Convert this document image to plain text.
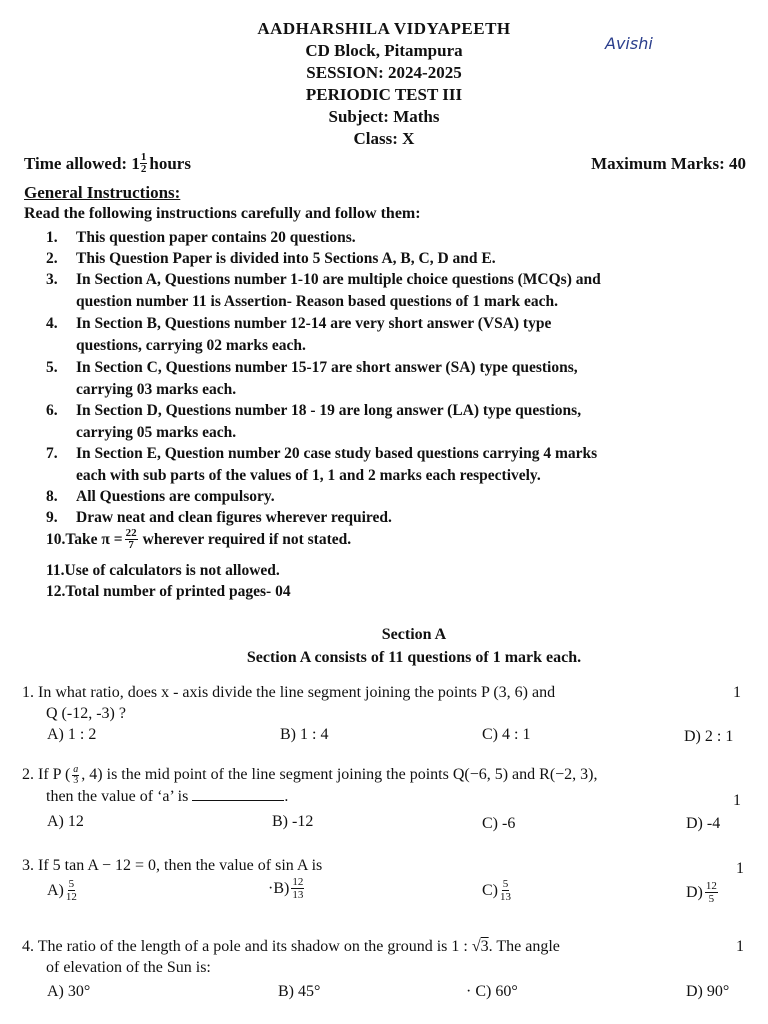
AADHARSHILA VIDYAPEETH
CD Block, Pitampura
SESSION: 2024-2025
PERIODIC TEST III
Subject: Maths
Class: X
Avishi
Time allowed: $1 \frac{1}{2}$ hours	Maximum Marks: 40
General Instructions:
Read the following instructions carefully and follow them:
1. This question paper contains 20 questions.
2. This Question Paper is divided into 5 Sections A, B, C, D and E.
3. In Section A, Questions number 1-10 are multiple choice questions (MCQs) and
question number 11 is Assertion- Reason based questions of 1 mark each.
4. In Section B, Questions number 12-14 are very short answer (VSA) type
questions, carrying 02 marks each.
5. In Section C, Questions number 15-17 are short answer (SA) type questions,
carrying 03 marks each.
6. In Section D, Questions number 18 - 19 are long answer (LA) type questions,
carrying 05 marks each.
7. In Section E, Question number 20 case study based questions carrying 4 marks
each with sub parts of the values of 1, 1 and 2 marks each respectively.
8. All Questions are compulsory.
9. Draw neat and clean figures wherever required.
10. Take $\pi = \frac{22}{7}$ wherever required if not stated.
11.Use of calculators is not allowed.
12.Total number of printed pages- 04
Section A
Section A consists of 11 questions of 1 mark each.
1. In what ratio, does x - axis divide the line segment joining the points P (3, 6) and
Q (-12, -3) ?
1
A) 1 : 2	B) 1 : 4	C) 4 : 1	D) 2 : 1
2. If P ( $\frac{a}{3}$ , 4) is the mid point of the line segment joining the points Q(−6, 5) and R(−2, 3),
then the value of ‘a’ is	.	1
A) 12	B) -12	C) -6	D) -4
3. If 5 tan A − 12 = 0, then the value of sin A is	1
$A) \frac{5}{12}$	$\cdot B) \frac{12}{13}$	$C) \frac{5}{13}$	$D) \frac{12}{5}$
4. The ratio of the length of a pole and its shadow on the ground is 1 : √3. The angle
of elevation of the Sun is:
1
A) 30°	B) 45°	· C) 60°	D) 90°
